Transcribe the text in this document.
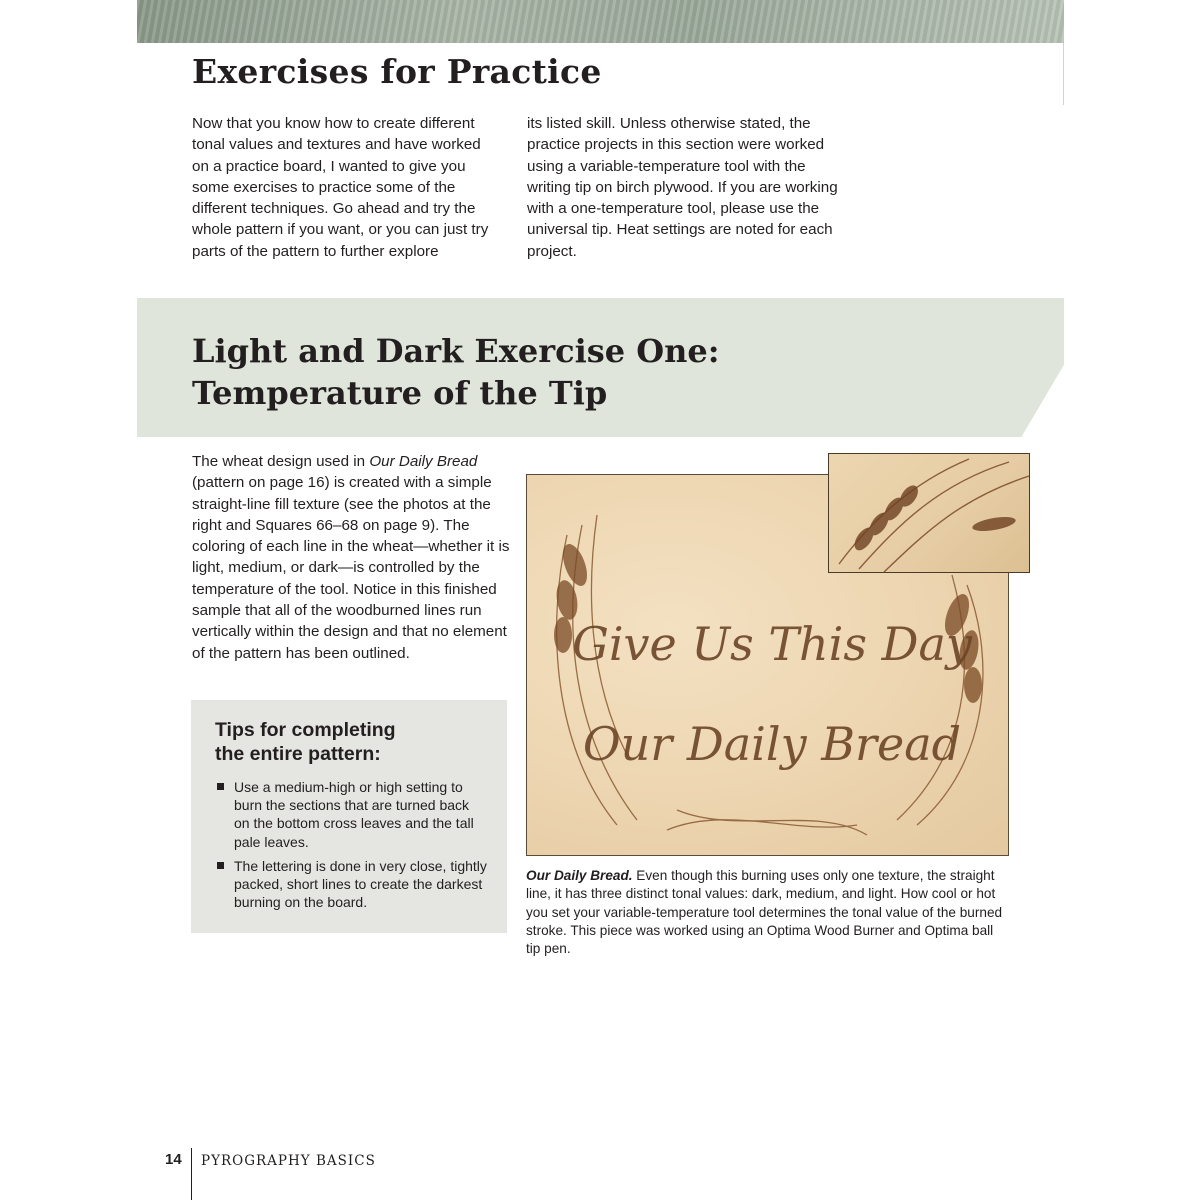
Exercises for Practice

Now that you know how to create different tonal values and textures and have worked on a practice board, I wanted to give you some exercises to practice some of the different techniques. Go ahead and try the whole pattern if you want, or you can just try parts of the pattern to further explore

its listed skill. Unless otherwise stated, the practice projects in this section were worked using a variable-temperature tool with the writing tip on birch plywood. If you are working with a one-temperature tool, please use the universal tip. Heat settings are noted for each project.

Light and Dark Exercise One:
Temperature of the Tip

The wheat design used in Our Daily Bread (pattern on page 16) is created with a simple straight-line fill texture (see the photos at the right and Squares 66–68 on page 9). The coloring of each line in the wheat—whether it is light, medium, or dark—is controlled by the temperature of the tool. Notice in this finished sample that all of the woodburned lines run vertically within the design and that no element of the pattern has been outlined.

Tips for completing
the entire pattern:
Use a medium-high or high setting to burn the sections that are turned back on the bottom cross leaves and the tall pale leaves.
The lettering is done in very close, tightly packed, short lines to create the darkest burning on the board.
Give Us This Day
Our Daily Bread

Our Daily Bread. Even though this burning uses only one texture, the straight line, it has three distinct tonal values: dark, medium, and light. How cool or hot you set your variable-temperature tool determines the tonal value of the burned stroke. This piece was worked using an Optima Wood Burner and Optima ball tip pen.

14 PYROGRAPHY BASICS
